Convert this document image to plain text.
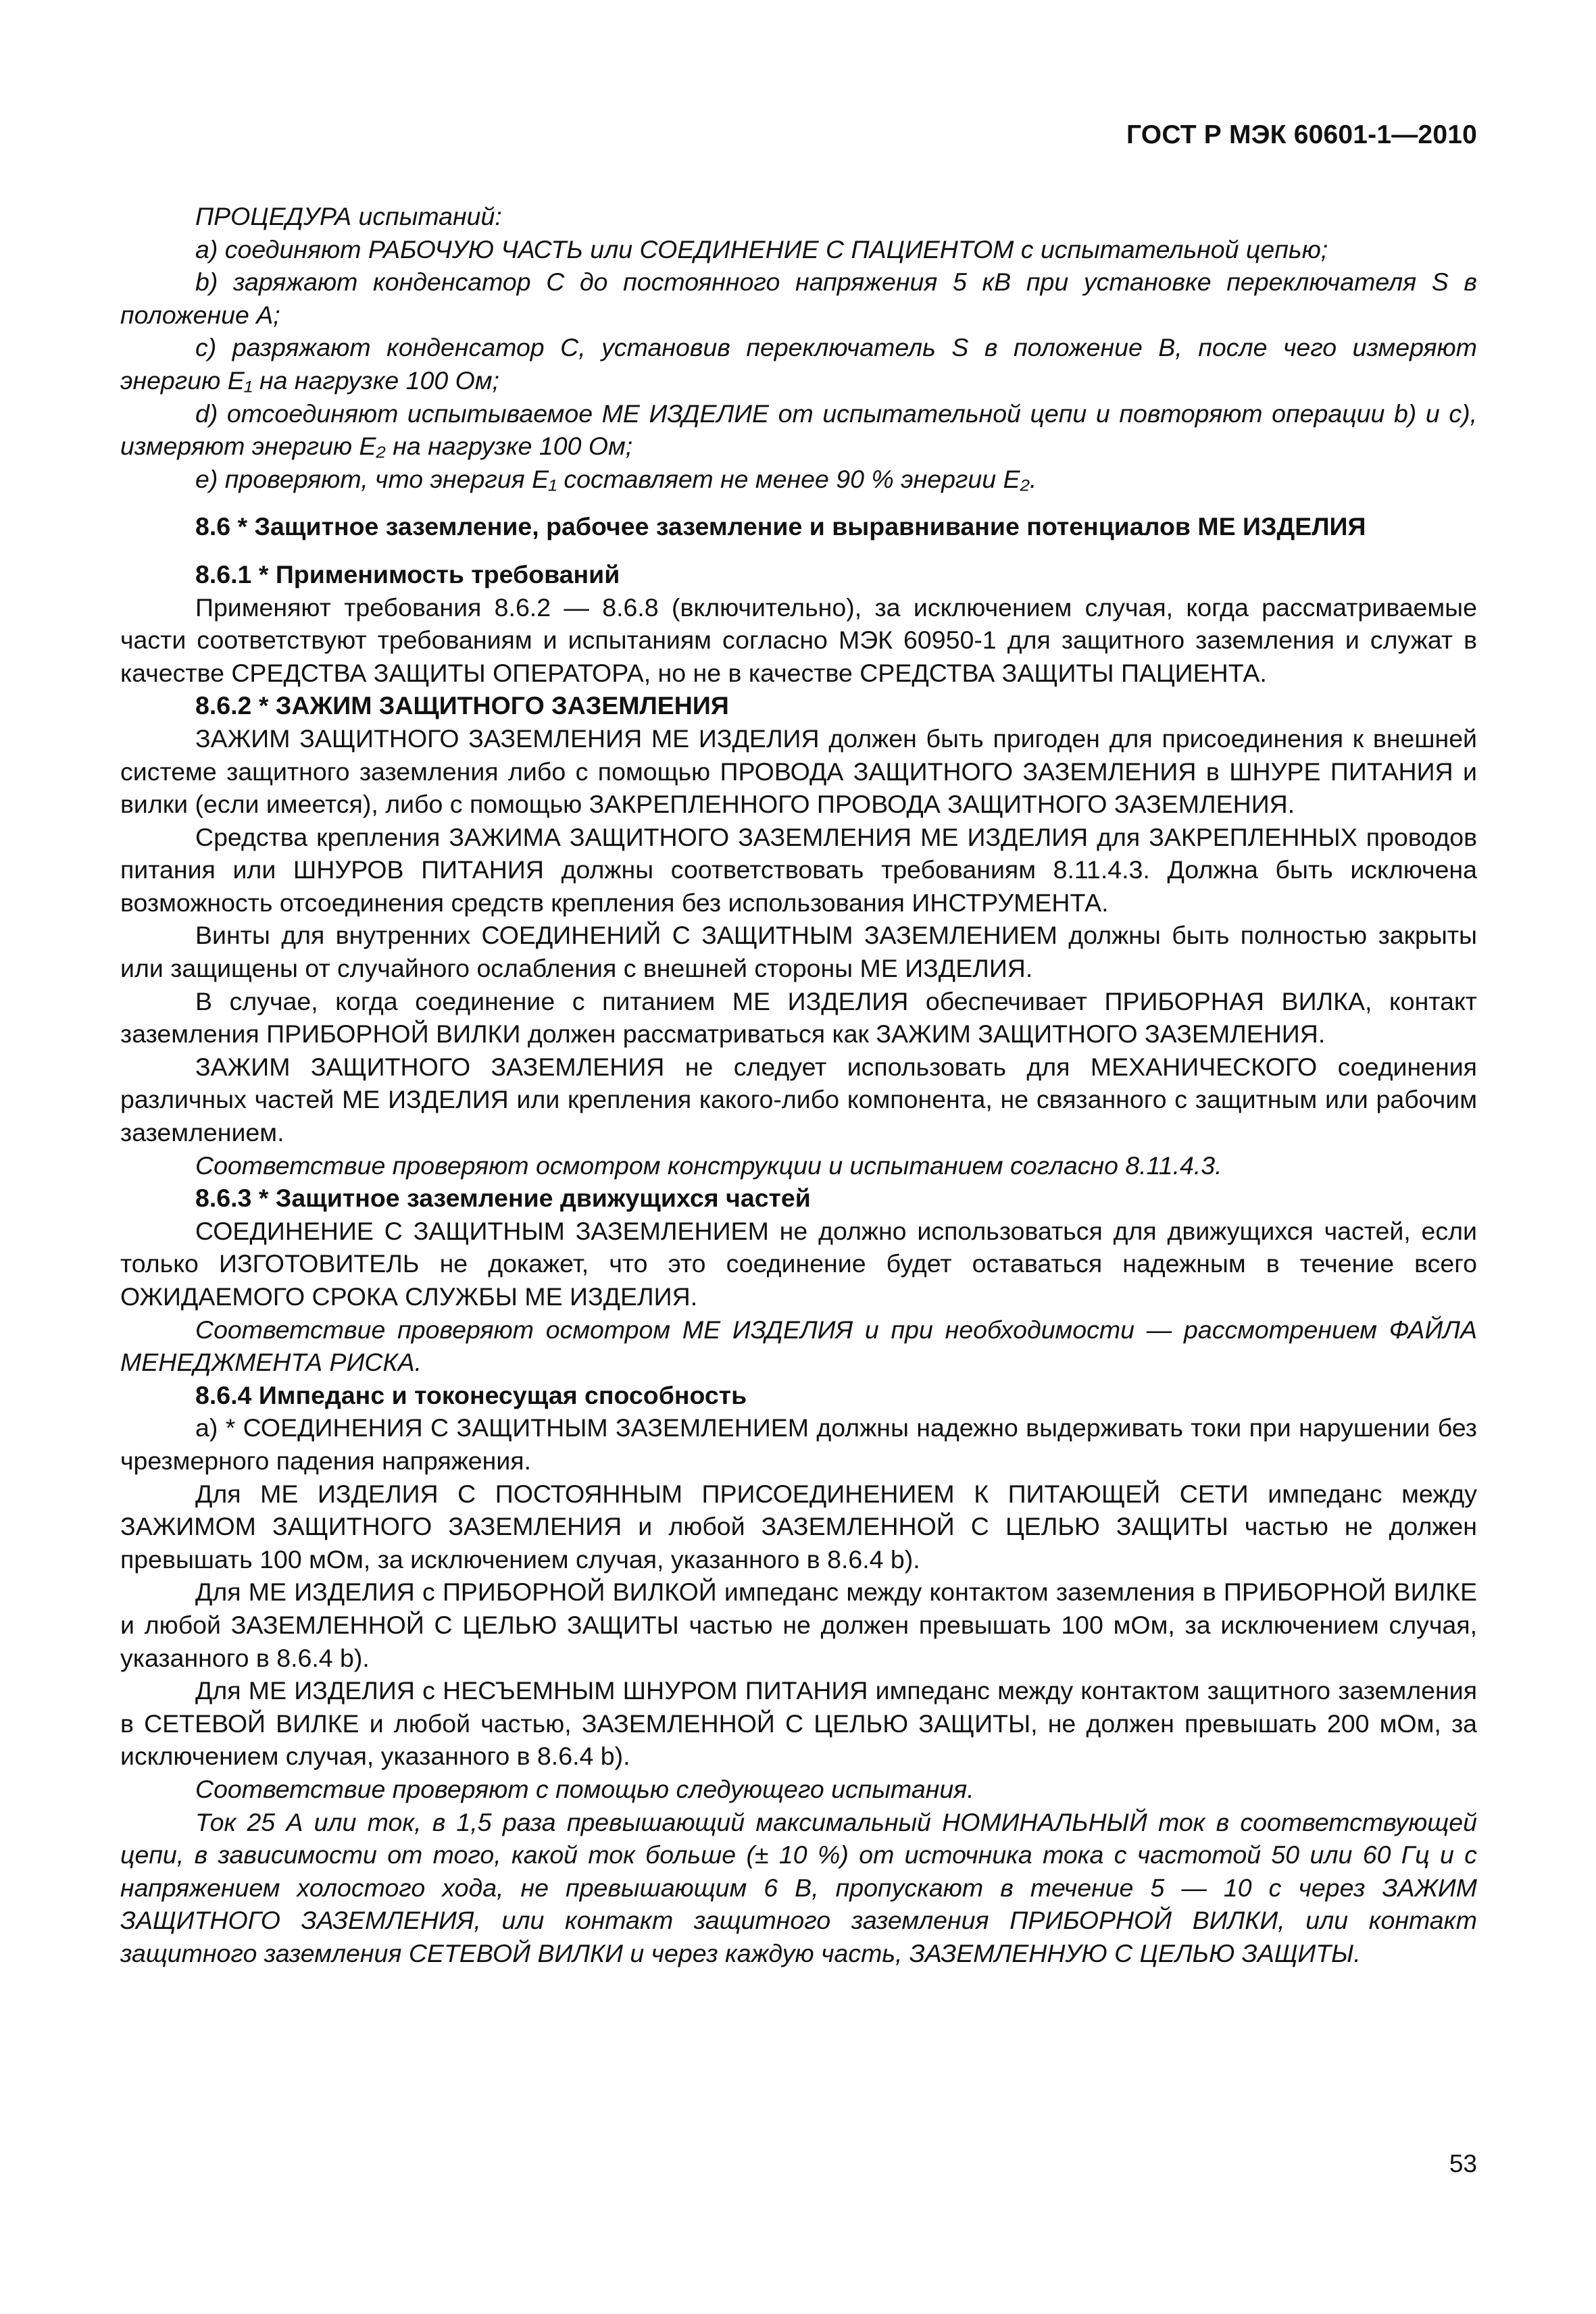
ГОСТ Р МЭК 60601-1—2010

ПРОЦЕДУРА испытаний:

a) соединяют РАБОЧУЮ ЧАСТЬ или СОЕДИНЕНИЕ С ПАЦИЕНТОМ с испытательной цепью;

b) заряжают конденсатор С до постоянного напряжения 5 кВ при установке переключателя S в положение А;

c) разряжают конденсатор С, установив переключатель S в положение В, после чего измеряют энергию E₁ на нагрузке 100 Ом;

d) отсоединяют испытываемое ME ИЗДЕЛИЕ от испытательной цепи и повторяют операции b) и с), измеряют энергию E₂ на нагрузке 100 Ом;

e) проверяют, что энергия E₁ составляет не менее 90 % энергии E₂.

8.6 * Защитное заземление, рабочее заземление и выравнивание потенциалов ME ИЗДЕЛИЯ

8.6.1 * Применимость требований

Применяют требования 8.6.2 — 8.6.8 (включительно), за исключением случая, когда рассматриваемые части соответствуют требованиям и испытаниям согласно МЭК 60950-1 для защитного заземления и служат в качестве СРЕДСТВА ЗАЩИТЫ ОПЕРАТОРА, но не в качестве СРЕДСТВА ЗАЩИТЫ ПАЦИЕНТА.

8.6.2 * ЗАЖИМ ЗАЩИТНОГО ЗАЗЕМЛЕНИЯ

ЗАЖИМ ЗАЩИТНОГО ЗАЗЕМЛЕНИЯ ME ИЗДЕЛИЯ должен быть пригоден для присоединения к внешней системе защитного заземления либо с помощью ПРОВОДА ЗАЩИТНОГО ЗАЗЕМЛЕНИЯ в ШНУРЕ ПИТАНИЯ и вилки (если имеется), либо с помощью ЗАКРЕПЛЕННОГО ПРОВОДА ЗАЩИТНОГО ЗАЗЕМЛЕНИЯ.

Средства крепления ЗАЖИМА ЗАЩИТНОГО ЗАЗЕМЛЕНИЯ ME ИЗДЕЛИЯ для ЗАКРЕПЛЕННЫХ проводов питания или ШНУРОВ ПИТАНИЯ должны соответствовать требованиям 8.11.4.3. Должна быть исключена возможность отсоединения средств крепления без использования ИНСТРУМЕНТА.

Винты для внутренних СОЕДИНЕНИЙ С ЗАЩИТНЫМ ЗАЗЕМЛЕНИЕМ должны быть полностью закрыты или защищены от случайного ослабления с внешней стороны ME ИЗДЕЛИЯ.

В случае, когда соединение с питанием ME ИЗДЕЛИЯ обеспечивает ПРИБОРНАЯ ВИЛКА, контакт заземления ПРИБОРНОЙ ВИЛКИ должен рассматриваться как ЗАЖИМ ЗАЩИТНОГО ЗАЗЕМЛЕНИЯ.

ЗАЖИМ ЗАЩИТНОГО ЗАЗЕМЛЕНИЯ не следует использовать для МЕХАНИЧЕСКОГО соединения различных частей ME ИЗДЕЛИЯ или крепления какого-либо компонента, не связанного с защитным или рабочим заземлением.

Соответствие проверяют осмотром конструкции и испытанием согласно 8.11.4.3.

8.6.3 * Защитное заземление движущихся частей

СОЕДИНЕНИЕ С ЗАЩИТНЫМ ЗАЗЕМЛЕНИЕМ не должно использоваться для движущихся частей, если только ИЗГОТОВИТЕЛЬ не докажет, что это соединение будет оставаться надежным в течение всего ОЖИДАЕМОГО СРОКА СЛУЖБЫ ME ИЗДЕЛИЯ.

Соответствие проверяют осмотром ME ИЗДЕЛИЯ и при необходимости — рассмотрением ФАЙЛА МЕНЕДЖМЕНТА РИСКА.

8.6.4 Импеданс и токонесущая способность

a) * СОЕДИНЕНИЯ С ЗАЩИТНЫМ ЗАЗЕМЛЕНИЕМ должны надежно выдерживать токи при нарушении без чрезмерного падения напряжения.

Для ME ИЗДЕЛИЯ С ПОСТОЯННЫМ ПРИСОЕДИНЕНИЕМ К ПИТАЮЩЕЙ СЕТИ импеданс между ЗАЖИМОМ ЗАЩИТНОГО ЗАЗЕМЛЕНИЯ и любой ЗАЗЕМЛЕННОЙ С ЦЕЛЬЮ ЗАЩИТЫ частью не должен превышать 100 мОм, за исключением случая, указанного в 8.6.4 b).

Для ME ИЗДЕЛИЯ с ПРИБОРНОЙ ВИЛКОЙ импеданс между контактом заземления в ПРИБОРНОЙ ВИЛКЕ и любой ЗАЗЕМЛЕННОЙ С ЦЕЛЬЮ ЗАЩИТЫ частью не должен превышать 100 мОм, за исключением случая, указанного в 8.6.4 b).

Для ME ИЗДЕЛИЯ с НЕСЪЕМНЫМ ШНУРОМ ПИТАНИЯ импеданс между контактом защитного заземления в СЕТЕВОЙ ВИЛКЕ и любой частью, ЗАЗЕМЛЕННОЙ С ЦЕЛЬЮ ЗАЩИТЫ, не должен превышать 200 мОм, за исключением случая, указанного в 8.6.4 b).

Соответствие проверяют с помощью следующего испытания.

Ток 25 А или ток, в 1,5 раза превышающий максимальный НОМИНАЛЬНЫЙ ток в соответствующей цепи, в зависимости от того, какой ток больше (± 10 %) от источника тока с частотой 50 или 60 Гц и с напряжением холостого хода, не превышающим 6 В, пропускают в течение 5 — 10 с через ЗАЖИМ ЗАЩИТНОГО ЗАЗЕМЛЕНИЯ, или контакт защитного заземления ПРИБОРНОЙ ВИЛКИ, или контакт защитного заземления СЕТЕВОЙ ВИЛКИ и через каждую часть, ЗАЗЕМЛЕННУЮ С ЦЕЛЬЮ ЗАЩИТЫ.

53
